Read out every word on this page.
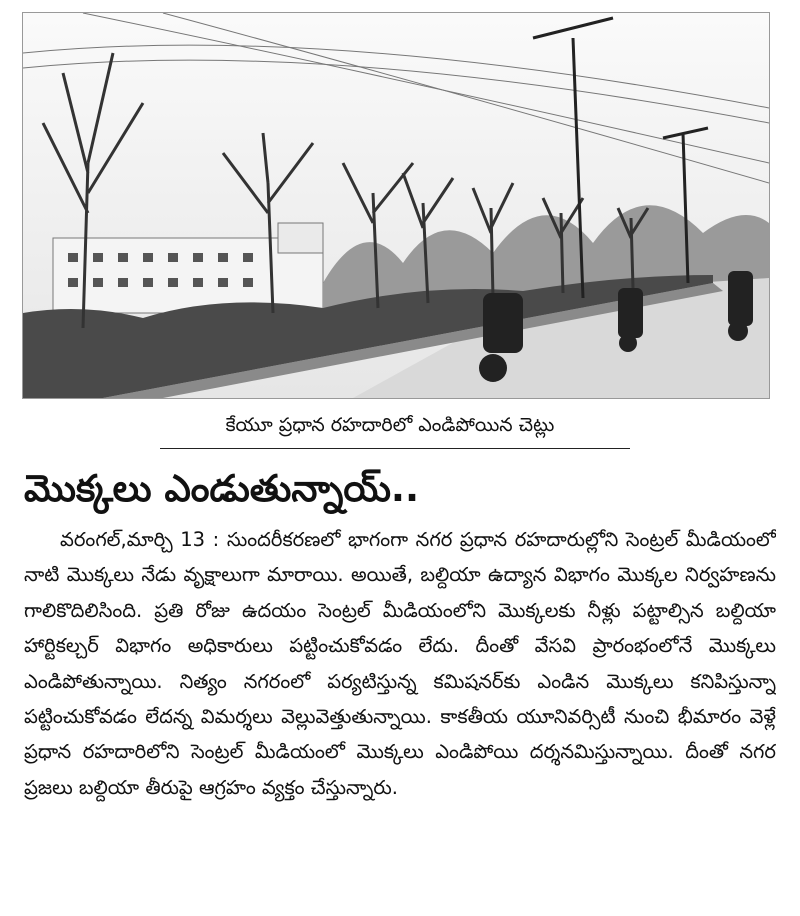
కేయూ ప్రధాన రహదారిలో ఎండిపోయిన చెట్లు
మొక్కలు ఎండుతున్నాయ్..
వరంగల్,మార్చి 13 : సుందరీకరణలో భాగంగా నగర ప్రధాన రహదారుల్లోని సెంట్రల్ మీడియంలో నాటి మొక్కలు నేడు వృక్షాలుగా మారాయి. అయితే, బల్దియా ఉద్యాన విభాగం మొక్కల నిర్వహణను గాలికొదిలిసింది. ప్రతి రోజు ఉదయం సెంట్రల్ మీడియంలోని మొక్కలకు నీళ్లు పట్టాల్సిన బల్దియా హార్టికల్చర్ విభాగం అధికారులు పట్టించుకోవడం లేదు. దీంతో వేసవి ప్రారంభంలోనే మొక్కలు ఎండిపోతున్నాయి. నిత్యం నగరంలో పర్యటిస్తున్న కమిషనర్‌కు ఎండిన మొక్కలు కనిపిస్తున్నా పట్టించుకోవడం లేదన్న విమర్శలు వెల్లువెత్తుతున్నాయి. కాకతీయ యూనివర్సిటీ నుంచి భీమారం వెళ్లే ప్రధాన రహదారిలోని సెంట్రల్ మీడియంలో మొక్కలు ఎండిపోయి దర్శనమిస్తున్నాయి. దీంతో నగర ప్రజలు బల్దియా తీరుపై ఆగ్రహం వ్యక్తం చేస్తున్నారు.
